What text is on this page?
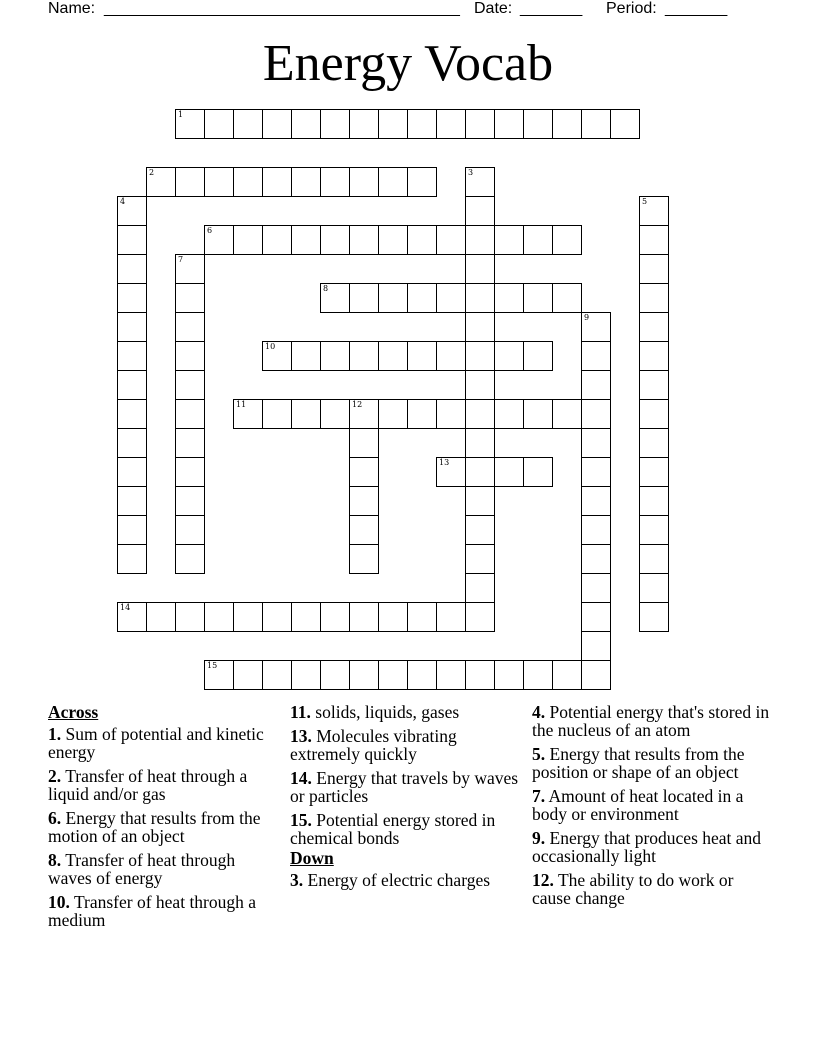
Name: ________________________________________ Date: _______ Period: _______
Energy Vocab
1
2	3
4	5
6
7
8
9
10
11	12
13
14
15
Across
1. Sum of potential and kinetic energy
2. Transfer of heat through a liquid and/or gas
6. Energy that results from the motion of an object
8. Transfer of heat through waves of energy
10. Transfer of heat through a medium
11. solids, liquids, gases
13. Molecules vibrating extremely quickly
14. Energy that travels by waves or particles
15. Potential energy stored in chemical bonds
Down
3. Energy of electric charges
4. Potential energy that's stored in the nucleus of an atom
5. Energy that results from the position or shape of an object
7. Amount of heat located in a body or environment
9. Energy that produces heat and occasionally light
12. The ability to do work or cause change
